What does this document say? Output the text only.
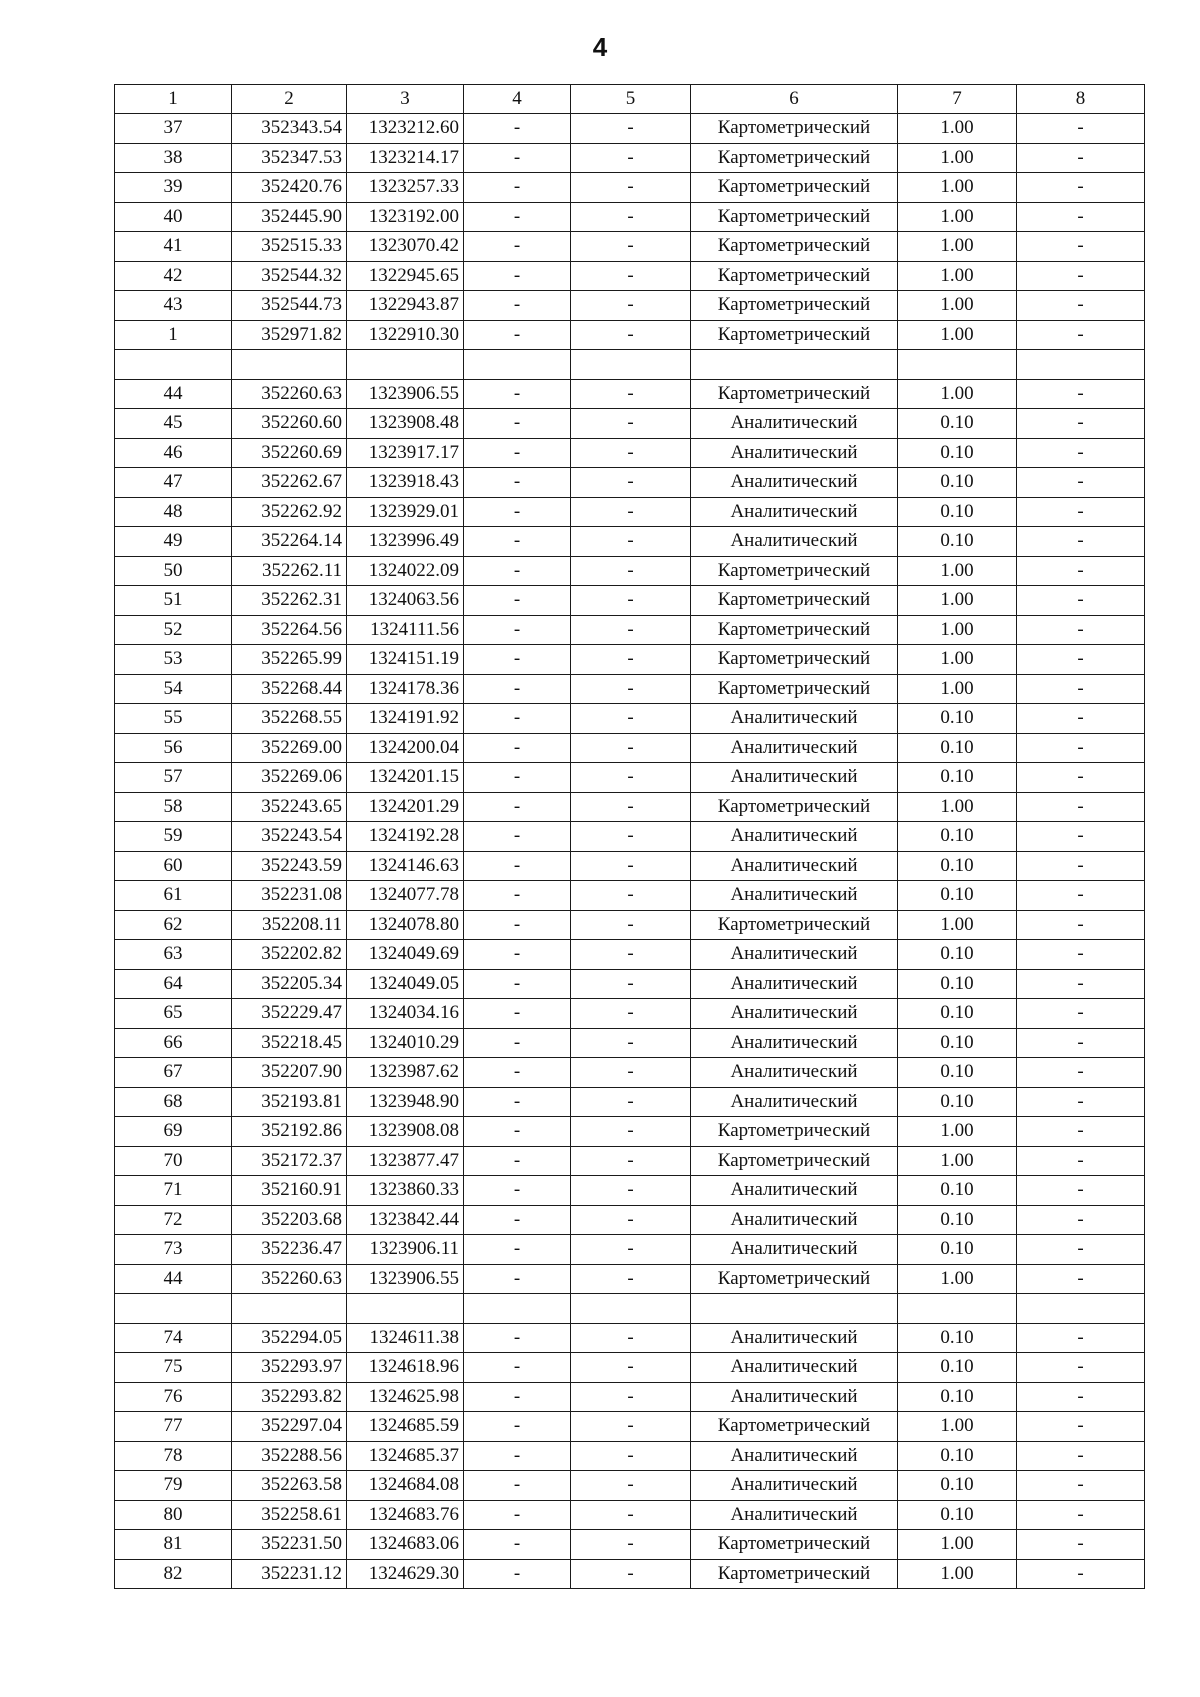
4
1	2	3	4	5	6	7	8
37	352343.54	1323212.60	-	-	Картометрический	1.00	-
38	352347.53	1323214.17	-	-	Картометрический	1.00	-
39	352420.76	1323257.33	-	-	Картометрический	1.00	-
40	352445.90	1323192.00	-	-	Картометрический	1.00	-
41	352515.33	1323070.42	-	-	Картометрический	1.00	-
42	352544.32	1322945.65	-	-	Картометрический	1.00	-
43	352544.73	1322943.87	-	-	Картометрический	1.00	-
1	352971.82	1322910.30	-	-	Картометрический	1.00	-

44	352260.63	1323906.55	-	-	Картометрический	1.00	-
45	352260.60	1323908.48	-	-	Аналитический	0.10	-
46	352260.69	1323917.17	-	-	Аналитический	0.10	-
47	352262.67	1323918.43	-	-	Аналитический	0.10	-
48	352262.92	1323929.01	-	-	Аналитический	0.10	-
49	352264.14	1323996.49	-	-	Аналитический	0.10	-
50	352262.11	1324022.09	-	-	Картометрический	1.00	-
51	352262.31	1324063.56	-	-	Картометрический	1.00	-
52	352264.56	1324111.56	-	-	Картометрический	1.00	-
53	352265.99	1324151.19	-	-	Картометрический	1.00	-
54	352268.44	1324178.36	-	-	Картометрический	1.00	-
55	352268.55	1324191.92	-	-	Аналитический	0.10	-
56	352269.00	1324200.04	-	-	Аналитический	0.10	-
57	352269.06	1324201.15	-	-	Аналитический	0.10	-
58	352243.65	1324201.29	-	-	Картометрический	1.00	-
59	352243.54	1324192.28	-	-	Аналитический	0.10	-
60	352243.59	1324146.63	-	-	Аналитический	0.10	-
61	352231.08	1324077.78	-	-	Аналитический	0.10	-
62	352208.11	1324078.80	-	-	Картометрический	1.00	-
63	352202.82	1324049.69	-	-	Аналитический	0.10	-
64	352205.34	1324049.05	-	-	Аналитический	0.10	-
65	352229.47	1324034.16	-	-	Аналитический	0.10	-
66	352218.45	1324010.29	-	-	Аналитический	0.10	-
67	352207.90	1323987.62	-	-	Аналитический	0.10	-
68	352193.81	1323948.90	-	-	Аналитический	0.10	-
69	352192.86	1323908.08	-	-	Картометрический	1.00	-
70	352172.37	1323877.47	-	-	Картометрический	1.00	-
71	352160.91	1323860.33	-	-	Аналитический	0.10	-
72	352203.68	1323842.44	-	-	Аналитический	0.10	-
73	352236.47	1323906.11	-	-	Аналитический	0.10	-
44	352260.63	1323906.55	-	-	Картометрический	1.00	-

74	352294.05	1324611.38	-	-	Аналитический	0.10	-
75	352293.97	1324618.96	-	-	Аналитический	0.10	-
76	352293.82	1324625.98	-	-	Аналитический	0.10	-
77	352297.04	1324685.59	-	-	Картометрический	1.00	-
78	352288.56	1324685.37	-	-	Аналитический	0.10	-
79	352263.58	1324684.08	-	-	Аналитический	0.10	-
80	352258.61	1324683.76	-	-	Аналитический	0.10	-
81	352231.50	1324683.06	-	-	Картометрический	1.00	-
82	352231.12	1324629.30	-	-	Картометрический	1.00	-
